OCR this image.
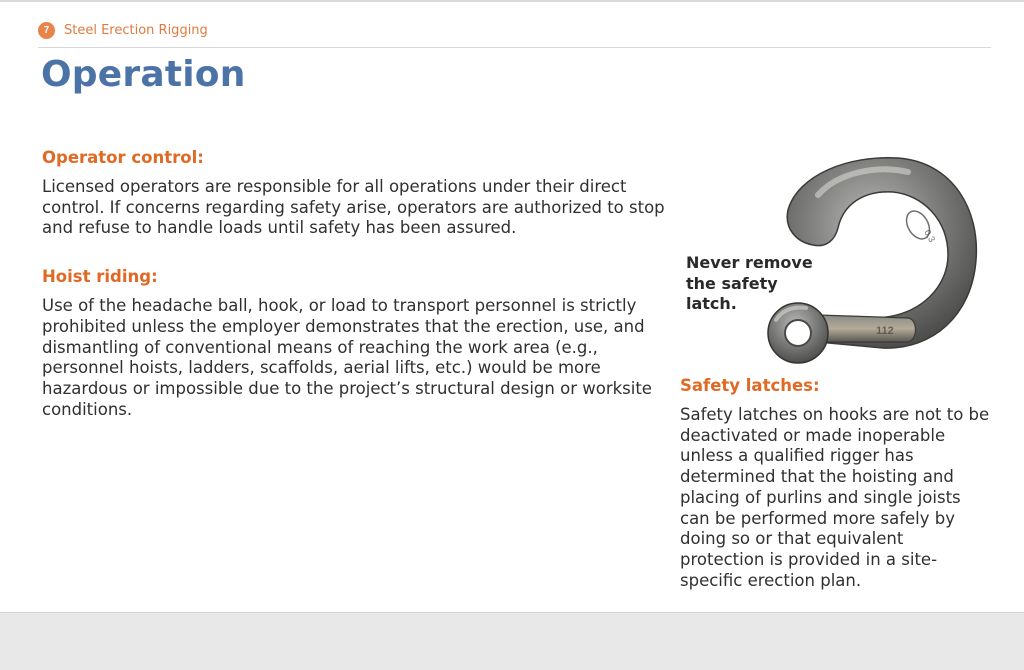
7	Steel Erection Rigging
Operation
Operator control:

Licensed operators are responsible for all operations under their direct control. If concerns regarding safety arise, operators are authorized to stop and refuse to handle loads until safety has been assured.

Hoist riding:

Use of the headache ball, hook, or load to transport personnel is strictly prohibited unless the employer demonstrates that the erection, use, and dismantling of conventional means of reaching the work area (e.g., personnel hoists, ladders, scaffolds, aerial lifts, etc.) would be more hazardous or impossible due to the project’s structural design or worksite conditions.

0.3
112

Never remove the safety latch.

Safety latches:

Safety latches on hooks are not to be deactivated or made inoperable unless a qualified rigger has determined that the hoisting and placing of purlins and single joists can be performed more safely by doing so or that equivalent protection is provided in a site-specific erection plan.
